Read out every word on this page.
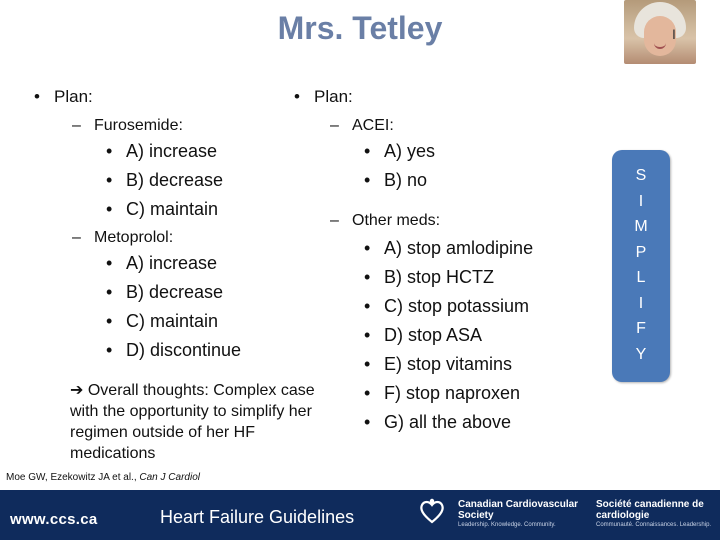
Mrs. Tetley	I
• Plan:
– Furosemide:
• A) increase
• B) decrease
• C) maintain
– Metoprolol:
• A) increase
• B) decrease
• C) maintain
• D) discontinue
➔ Overall thoughts: Complex case with the opportunity to simplify her regimen outside of her HF medications
• Plan:
– ACEI:
• A) yes
• B) no
– Other meds:
• A) stop amlodipine
• B) stop HCTZ
• C) stop potassium
• D) stop ASA
• E) stop vitamins
• F) stop naproxen
• G) all the above
S
I
M
P
L
I
F
Y
Moe GW, Ezekowitz JA et al., Can J Cardiol
www.ccs.ca	Heart Failure Guidelines
Canadian Cardiovascular Society
Leadership. Knowledge. Community.
Société canadienne de cardiologie
Communauté. Connaissances. Leadership.
